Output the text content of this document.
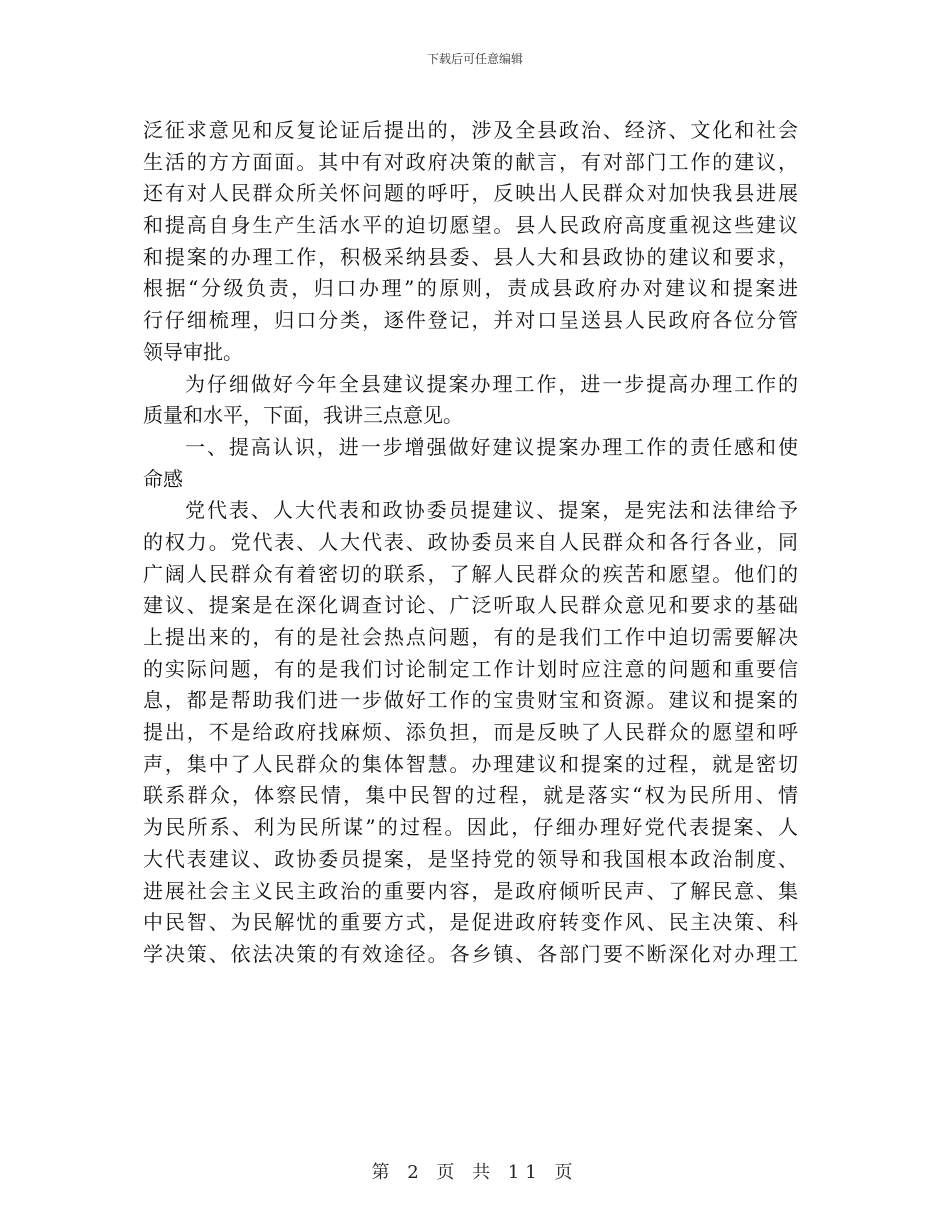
下载后可任意编辑
泛征求意见和反复论证后提出的，涉及全县政治、经济、文化和社会
生活的方方面面。其中有对政府决策的献言，有对部门工作的建议，
还有对人民群众所关怀问题的呼吁，反映出人民群众对加快我县进展
和提高自身生产生活水平的迫切愿望。县人民政府高度重视这些建议
和提案的办理工作，积极采纳县委、县人大和县政协的建议和要求，
根据“分级负责，归口办理”的原则，责成县政府办对建议和提案进
行仔细梳理，归口分类，逐件登记，并对口呈送县人民政府各位分管
领导审批。
为仔细做好今年全县建议提案办理工作，进一步提高办理工作的
质量和水平，下面，我讲三点意见。
一、提高认识，进一步增强做好建议提案办理工作的责任感和使
命感
党代表、人大代表和政协委员提建议、提案，是宪法和法律给予
的权力。党代表、人大代表、政协委员来自人民群众和各行各业，同
广阔人民群众有着密切的联系，了解人民群众的疾苦和愿望。他们的
建议、提案是在深化调查讨论、广泛听取人民群众意见和要求的基础
上提出来的，有的是社会热点问题，有的是我们工作中迫切需要解决
的实际问题，有的是我们讨论制定工作计划时应注意的问题和重要信
息，都是帮助我们进一步做好工作的宝贵财宝和资源。建议和提案的
提出，不是给政府找麻烦、添负担，而是反映了人民群众的愿望和呼
声，集中了人民群众的集体智慧。办理建议和提案的过程，就是密切
联系群众，体察民情，集中民智的过程，就是落实“权为民所用、情
为民所系、利为民所谋”的过程。因此，仔细办理好党代表提案、人
大代表建议、政协委员提案，是坚持党的领导和我国根本政治制度、
进展社会主义民主政治的重要内容，是政府倾听民声、了解民意、集
中民智、为民解忧的重要方式，是促进政府转变作风、民主决策、科
学决策、依法决策的有效途径。各乡镇、各部门要不断深化对办理工
第 2 页 共 11 页
